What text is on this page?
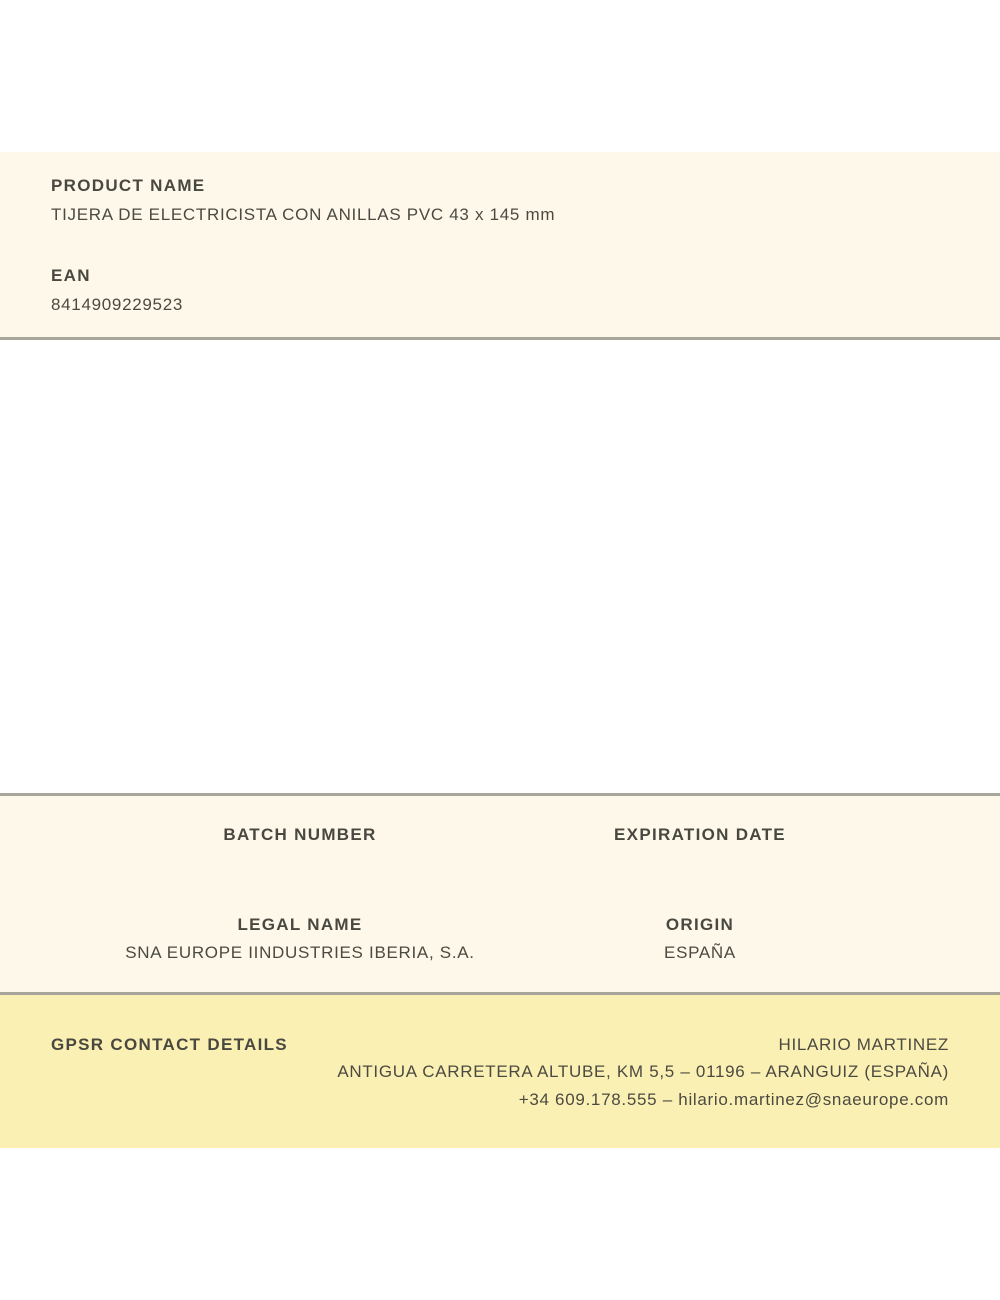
PRODUCT NAME
TIJERA DE ELECTRICISTA CON ANILLAS PVC 43 x 145 mm
EAN
8414909229523
BATCH NUMBER	EXPIRATION DATE
LEGAL NAME	ORIGIN
SNA EUROPE IINDUSTRIES IBERIA, S.A.	ESPAÑA
GPSR CONTACT DETAILS	HILARIO MARTINEZ
ANTIGUA CARRETERA ALTUBE, KM 5,5 – 01196 – ARANGUIZ (ESPAÑA)
+34 609.178.555 – hilario.martinez@snaeurope.com
